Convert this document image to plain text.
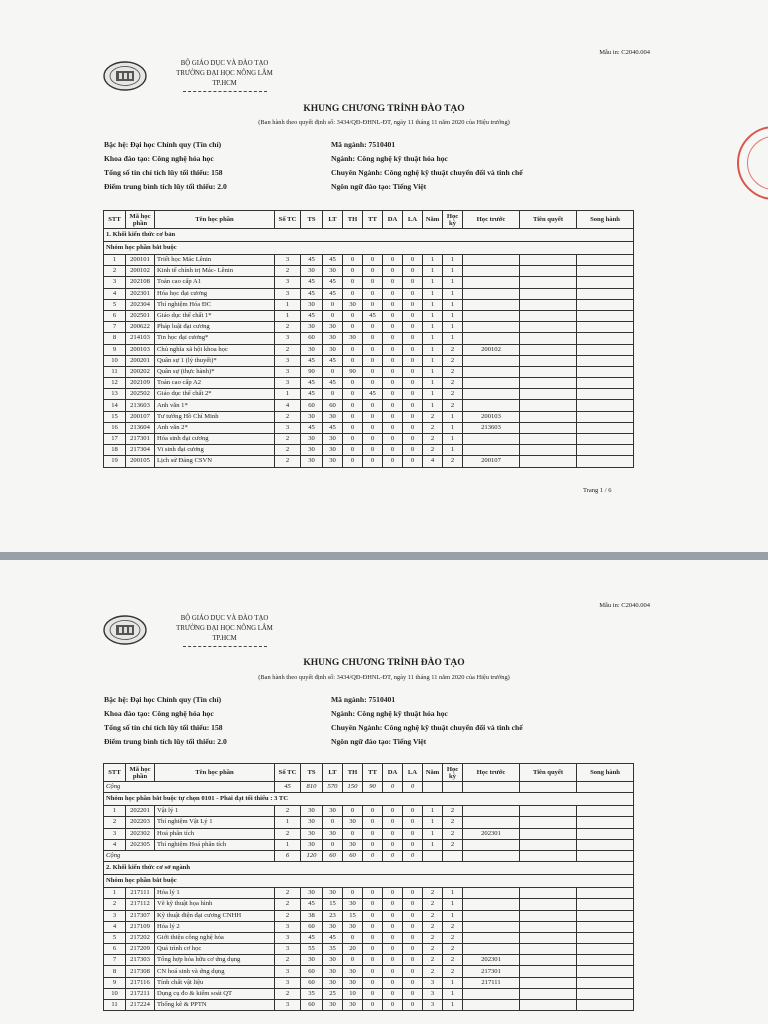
Mẫu in: C2040.004
BỘ GIÁO DỤC VÀ ĐÀO TẠO
TRƯỜNG ĐẠI HỌC NÔNG LÂM TP.HCM
KHUNG CHƯƠNG TRÌNH ĐÀO TẠO
(Ban hành theo quyết định số: 3434/QĐ-ĐHNL-ĐT, ngày 11 tháng 11 năm 2020 của Hiệu trưởng)
Bậc hệ: Đại học Chính quy (Tín chỉ)
Khoa đào tạo: Công nghệ hóa học
Tổng số tín chỉ tích lũy tối thiểu: 158
Điểm trung bình tích lũy tối thiểu: 2.0
Mã ngành: 7510401
Ngành: Công nghệ kỹ thuật hóa học
Chuyên Ngành: Công nghệ kỹ thuật chuyển đổi và tinh chế
Ngôn ngữ đào tạo: Tiếng Việt
STT	Mã học phần	Tên học phần	Số TC	TS	LT	TH	TT	DA	LA	Năm	Học kỳ	Học trước	Tiên quyết	Song hành
1. Khối kiến thức cơ bản														
Nhóm học phần bắt buộc														
1	200101	Triết học Mác Lênin	3	45	45	0	0	0	0	1	1			
2	200102	Kinh tế chính trị Mác- Lênin	2	30	30	0	0	0	0	1	1			
3	202108	Toán cao cấp A1	3	45	45	0	0	0	0	1	1			
4	202301	Hóa học đại cương	3	45	45	0	0	0	0	1	1			
5	202304	Thí nghiệm Hóa ĐC	1	30	0	30	0	0	0	1	1			
6	202501	Giáo dục thể chất 1*	1	45	0	0	45	0	0	1	1			
7	200622	Pháp luật đại cương	2	30	30	0	0	0	0	1	1			
8	214103	Tin học đại cương*	3	60	30	30	0	0	0	1	1			
9	200103	Chủ nghĩa xã hội khoa học	2	30	30	0	0	0	0	1	2	200102		
10	200201	Quân sự 1 (lý thuyết)*	3	45	45	0	0	0	0	1	2			
11	200202	Quân sự (thực hành)*	3	90	0	90	0	0	0	1	2			
12	202109	Toán cao cấp A2	3	45	45	0	0	0	0	1	2			
13	202502	Giáo dục thể chất 2*	1	45	0	0	45	0	0	1	2			
14	213603	Anh văn 1*	4	60	60	0	0	0	0	1	2			
15	200107	Tư tưởng Hồ Chí Minh	2	30	30	0	0	0	0	2	1	200103		
16	213604	Anh văn 2*	3	45	45	0	0	0	0	2	1	213603		
17	217301	Hóa sinh đại cương	2	30	30	0	0	0	0	2	1			
18	217304	Vi sinh đại cương	2	30	30	0	0	0	0	2	1			
19	200105	Lịch sử Đảng CSVN	2	30	30	0	0	0	0	4	2	200107		
Trang 1 / 6
Mẫu in: C2040.004
BỘ GIÁO DỤC VÀ ĐÀO TẠO
TRƯỜNG ĐẠI HỌC NÔNG LÂM TP.HCM
KHUNG CHƯƠNG TRÌNH ĐÀO TẠO
(Ban hành theo quyết định số: 3434/QĐ-ĐHNL-ĐT, ngày 11 tháng 11 năm 2020 của Hiệu trưởng)
Bậc hệ: Đại học Chính quy (Tín chỉ)
Khoa đào tạo: Công nghệ hóa học
Tổng số tín chỉ tích lũy tối thiểu: 158
Điểm trung bình tích lũy tối thiểu: 2.0
Mã ngành: 7510401
Ngành: Công nghệ kỹ thuật hóa học
Chuyên Ngành: Công nghệ kỹ thuật chuyển đổi và tinh chế
Ngôn ngữ đào tạo: Tiếng Việt
STT	Mã học phần	Tên học phần	Số TC	TS	LT	TH	TT	DA	LA	Năm	Học kỳ	Học trước	Tiên quyết	Song hành
Cộng			45	810	570	150	90	0	0					
Nhóm học phần bắt buộc tự chọn 0101 - Phải đạt tối thiểu : 3 TC														
1	202201	Vật lý 1	2	30	30	0	0	0	0	1	2			
2	202203	Thí nghiệm Vật Lý 1	1	30	0	30	0	0	0	1	2			
3	202302	Hoá phân tích	2	30	30	0	0	0	0	1	2	202301		
4	202305	Thí nghiệm Hoá phân tích	1	30	0	30	0	0	0	1	2			
Cộng			6	120	60	60	0	0	0					
2. Khối kiến thức cơ sở ngành														
Nhóm học phần bắt buộc														
1	217111	Hóa lý 1	2	30	30	0	0	0	0	2	1			
2	217112	Vẽ kỹ thuật họa hình	2	45	15	30	0	0	0	2	1			
3	217307	Kỹ thuật điện đại cương CNHH	2	38	23	15	0	0	0	2	1			
4	217109	Hóa lý 2	3	60	30	30	0	0	0	2	2			
5	217202	Giới thiệu công nghệ hóa	3	45	45	0	0	0	0	2	2			
6	217209	Quá trình cơ học	3	55	35	20	0	0	0	2	2			
7	217303	Tổng hợp hóa hữu cơ ứng dụng	2	30	30	0	0	0	0	2	2	202301		
8	217308	CN hoá sinh và ứng dụng	3	60	30	30	0	0	0	2	2	217301		
9	217116	Tính chất vật liệu	3	60	30	30	0	0	0	3	1	217111		
10	217211	Dụng cụ đo & kiểm soát QT	2	35	25	10	0	0	0	3	1			
11	217224	Thống kê & PPTN	3	60	30	30	0	0	0	3	1			
